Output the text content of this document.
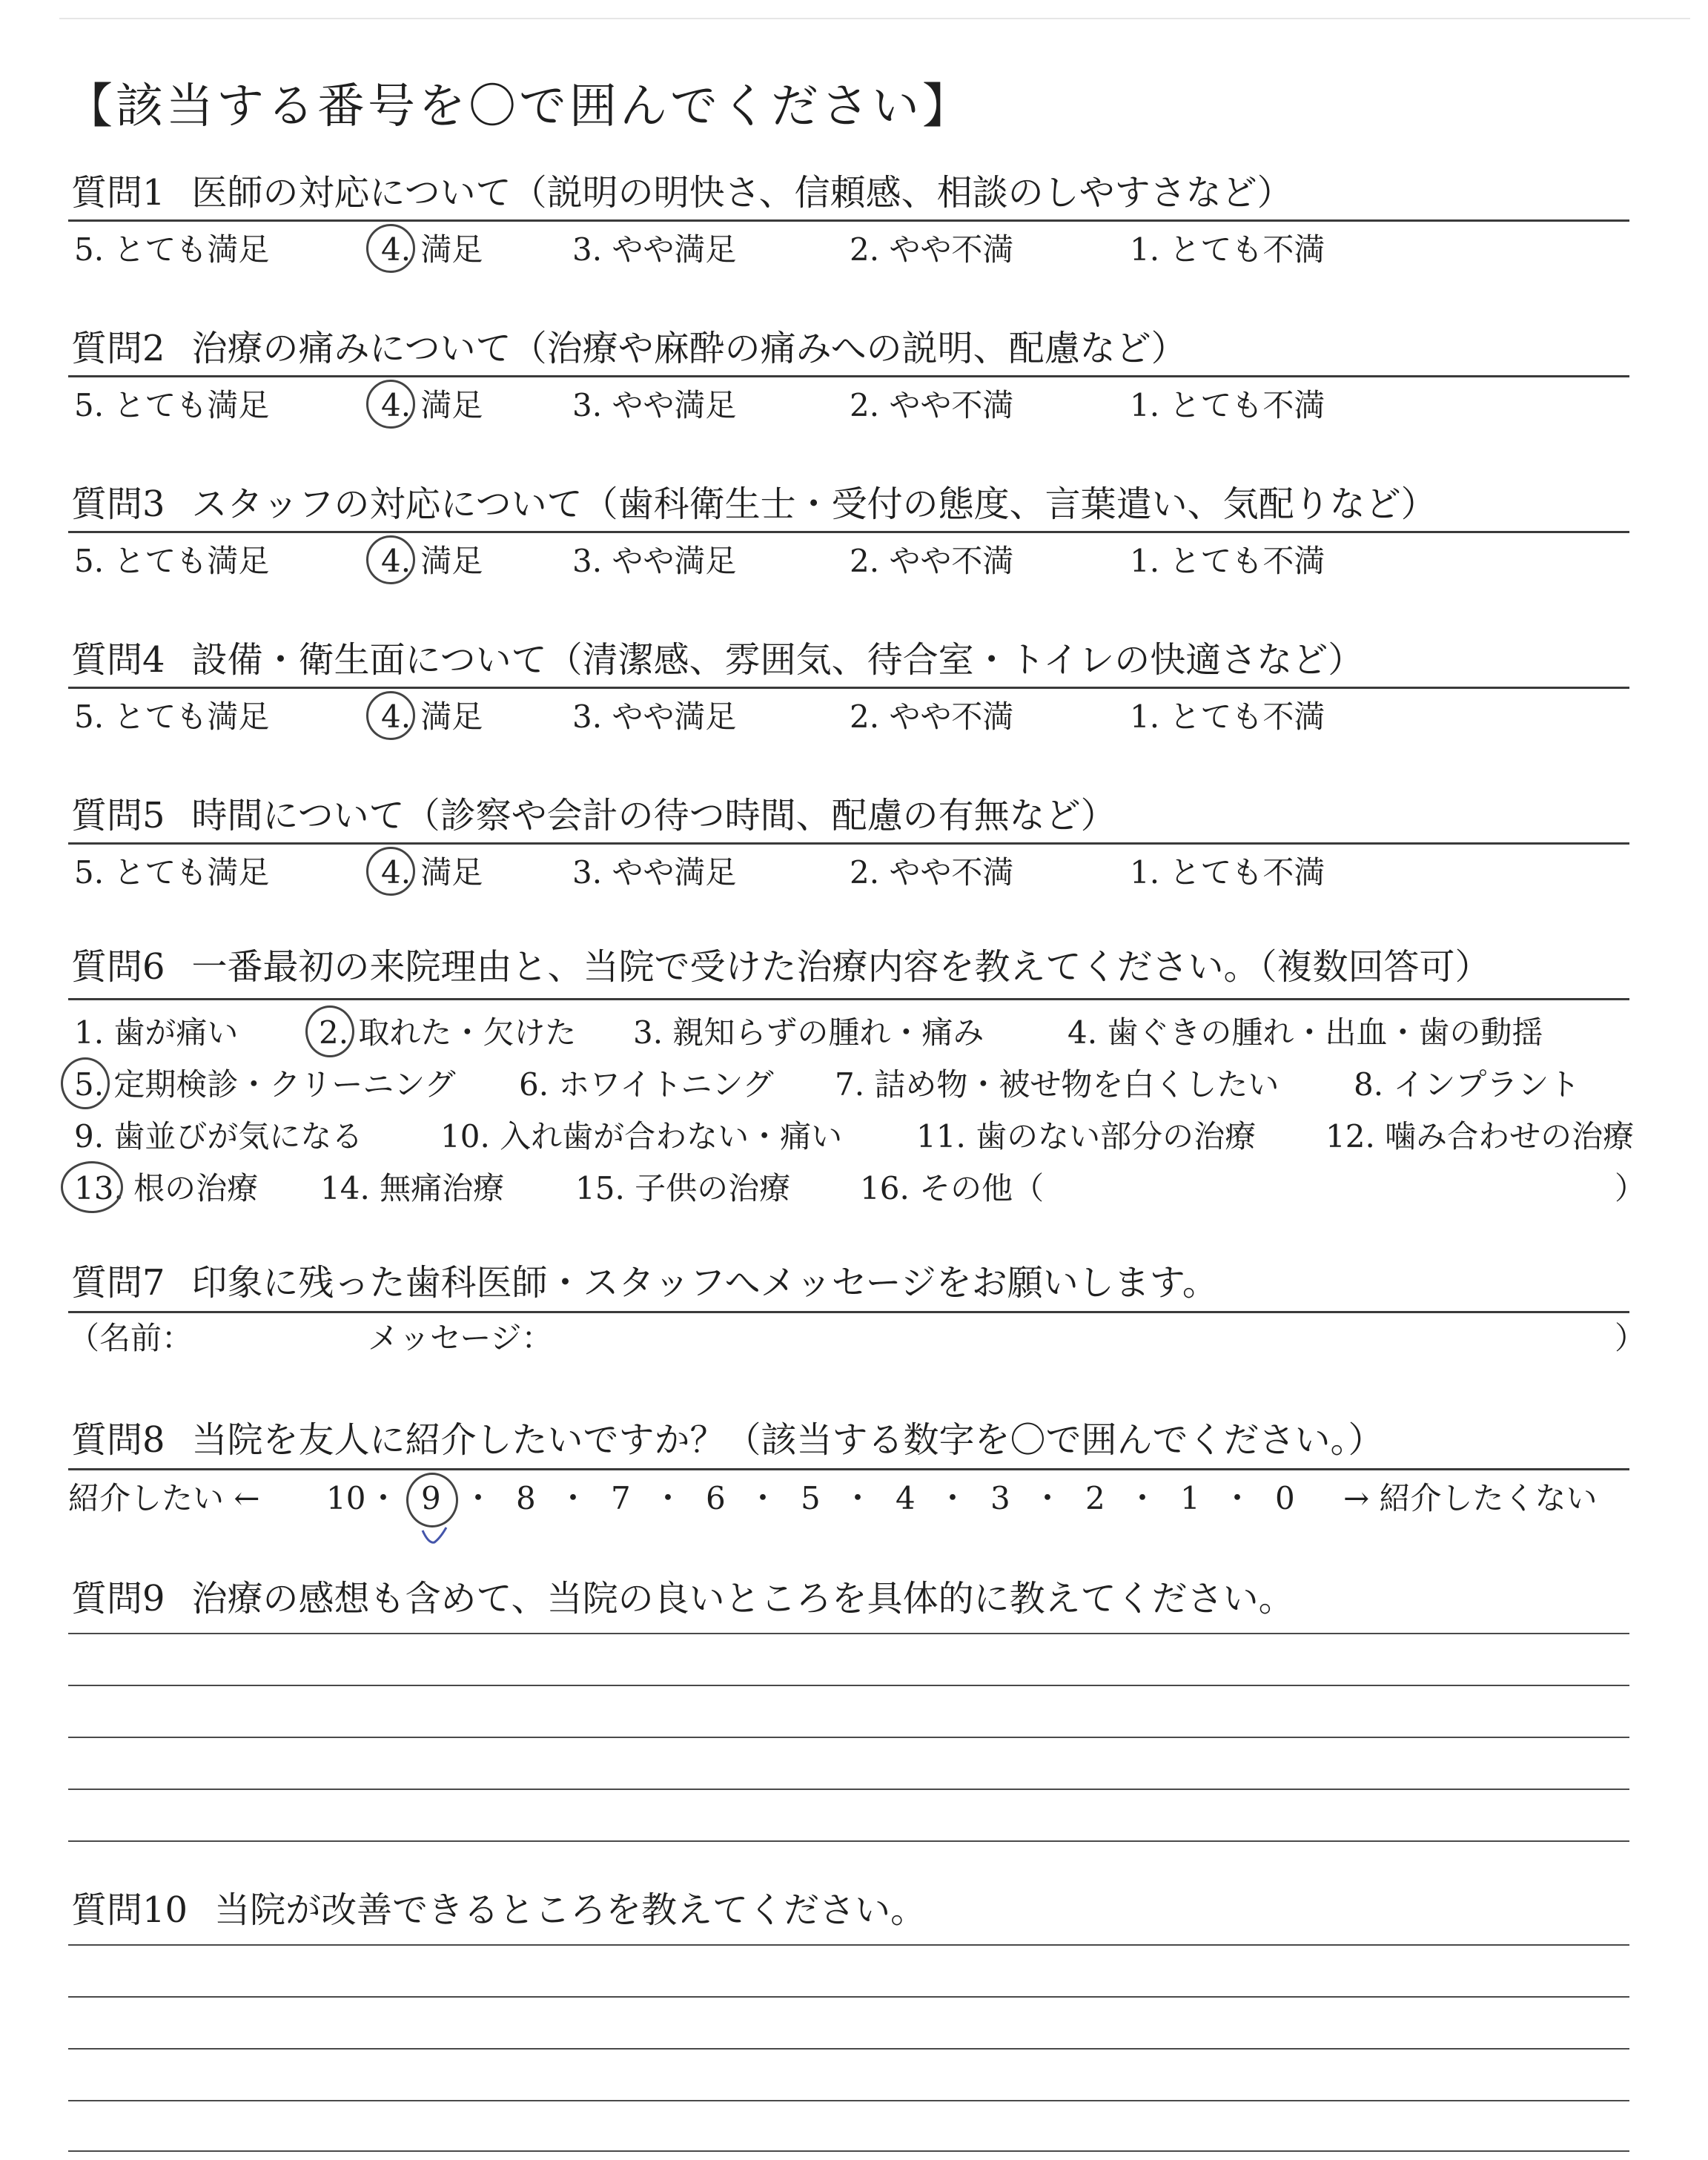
【該当する番号を〇で囲んでください】
質問1 医師の対応について（説明の明快さ、信頼感、相談のしやすさなど）
5. とても満足	4. 満足	3. やや満足	2. やや不満	1. とても不満
質問2 治療の痛みについて（治療や麻酔の痛みへの説明、配慮など）
5. とても満足	4. 満足	3. やや満足	2. やや不満	1. とても不満
質問3 スタッフの対応について（歯科衛生士・受付の態度、言葉遣い、気配りなど）
5. とても満足	4. 満足	3. やや満足	2. やや不満	1. とても不満
質問4 設備・衛生面について（清潔感、雰囲気、待合室・トイレの快適さなど）
5. とても満足	4. 満足	3. やや満足	2. やや不満	1. とても不満
質問5 時間について（診察や会計の待つ時間、配慮の有無など）
5. とても満足	4. 満足	3. やや満足	2. やや不満	1. とても不満
質問6 一番最初の来院理由と、当院で受けた治療内容を教えてください。（複数回答可）
1. 歯が痛い	2. 取れた・欠けた 3. 親知らずの腫れ・痛み	4. 歯ぐきの腫れ・出血・歯の動揺
5. 定期検診・クリーニング 6. ホワイトニング 7. 詰め物・被せ物を白くしたい 8. インプラント
9. 歯並びが気になる 10. 入れ歯が合わない・痛い 11. 歯のない部分の治療 12. 噛み合わせの治療
13. 根の治療 14. 無痛治療 15. 子供の治療 16. その他（	）
質問7 印象に残った歯科医師・スタッフへメッセージをお願いします。
（名前：	メッセージ：	）
質問8 当院を友人に紹介したいですか？（該当する数字を〇で囲んでください。）
紹介したい ← 10 ・ 9 ・ 8 ・ 7 ・ 6 ・ 5 ・ 4 ・ 3 ・ 2 ・ 1 ・ 0 → 紹介したくない
質問9 治療の感想も含めて、当院の良いところを具体的に教えてください。
質問10 当院が改善できるところを教えてください。
